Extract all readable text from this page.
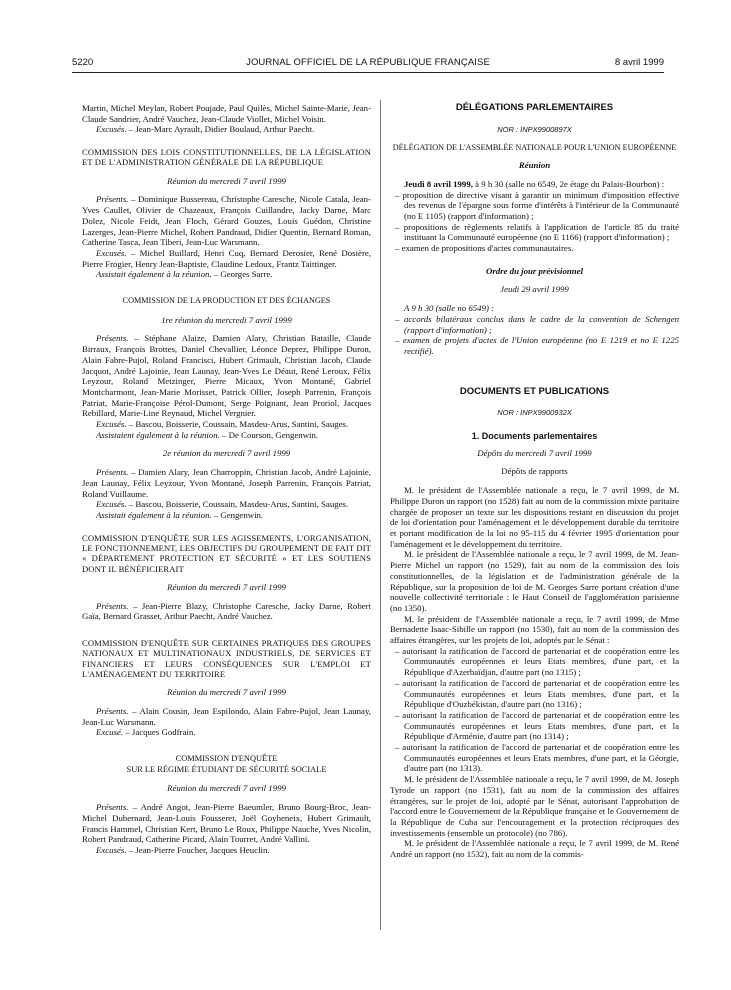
5220	JOURNAL OFFICIEL DE LA RÉPUBLIQUE FRANÇAISE	8 avril 1999

Martin, Michel Meylan, Robert Poujade, Paul Quilès, Michel Sainte-Marie, Jean-Claude Sandrier, André Vauchez, Jean-Claude Viollet, Michel Voisin.

Excusés. – Jean-Marc Ayrault, Didier Boulaud, Arthur Paecht.

COMMISSION DES LOIS CONSTITUTIONNELLES, DE LA LÉGISLATION ET DE L'ADMINISTRATION GÉNÉRALE DE LA RÉPUBLIQUE

Réunion du mercredi 7 avril 1999

Présents. – Dominique Bussereau, Christophe Caresche, Nicole Catala, Jean-Yves Caullet, Olivier de Chazeaux, François Cuillandre, Jacky Darne, Marc Dolez, Nicole Feidt, Jean Floch, Gérard Gouzes, Louis Guédon, Christine Lazerges, Jean-Pierre Michel, Robert Pandraud, Didier Quentin, Bernard Roman, Catherine Tasca, Jean Tiberi, Jean-Luc Warsmann.

Excusés. – Michel Buillard, Henri Cuq, Bernard Derosier, René Dosière, Pierre Frogier, Henry Jean-Baptiste, Claudine Ledoux, Frantz Taittinger.

Assistait également à la réunion. – Georges Sarre.

COMMISSION DE LA PRODUCTION ET DES ÉCHANGES

1re réunion du mercredi 7 avril 1999

Présents. – Stéphane Alaize, Damien Alary, Christian Bataille, Claude Birraux, François Brottes, Daniel Chevallier, Léonce Deprez, Philippe Duron, Alain Fabre-Pujol, Roland Francisci, Hubert Grimault, Christian Jacob, Claude Jacquot, André Lajoinie, Jean Launay, Jean-Yves Le Déaut, René Leroux, Félix Leyzour, Roland Metzinger, Pierre Micaux, Yvon Montané, Gabriel Montcharmont, Jean-Marie Morisset, Patrick Ollier, Joseph Parrenin, François Patriat, Marie-Françoise Pérol-Dumont, Serge Poignant, Jean Proriol, Jacques Rebillard, Marie-Line Reynaud, Michel Vergnier.

Excusés. – Bascou, Boisserie, Coussain, Masdeu-Arus, Santini, Sauges.

Assistaient également à la réunion. – De Courson, Gengenwin.

2e réunion du mercredi 7 avril 1999

Présents. – Damien Alary, Jean Charroppin, Christian Jacob, André Lajoinie, Jean Launay, Félix Leyzour, Yvon Montané, Joseph Parrenin, François Patriat, Roland Vuillaume.

Excusés. – Bascou, Boisserie, Coussain, Masdeu-Arus, Santini, Sauges.

Assistait également à la réunion. – Gengenwin.

COMMISSION D'ENQUÊTE SUR LES AGISSEMENTS, L'ORGANISATION, LE FONCTIONNEMENT, LES OBJECTIFS DU GROUPEMENT DE FAIT DIT « DÉPARTEMENT PROTECTION ET SÉCURITÉ » ET LES SOUTIENS DONT IL BÉNÉFICIERAIT

Réunion du mercredi 7 avril 1999

Présents. – Jean-Pierre Blazy, Christophe Caresche, Jacky Darne, Robert Gaïa, Bernard Grasset, Arthur Paecht, André Vauchez.

COMMISSION D'ENQUÊTE SUR CERTAINES PRATIQUES DES GROUPES NATIONAUX ET MULTINATIONAUX INDUSTRIELS, DE SERVICES ET FINANCIERS ET LEURS CONSÉQUENCES SUR L'EMPLOI ET L'AMÉNAGEMENT DU TERRITOIRE

Réunion du mercredi 7 avril 1999

Présents. – Alain Cousin, Jean Espilondo, Alain Fabre-Pujol, Jean Launay, Jean-Luc Warsmann.

Excusé. – Jacques Godfrain.

COMMISSION D'ENQUÊTE

SUR LE RÉGIME ÉTUDIANT DE SÉCURITÉ SOCIALE

Réunion du mercredi 7 avril 1999

Présents. – André Angot, Jean-Pierre Baeumler, Bruno Bourg-Broc, Jean-Michel Dubernard, Jean-Louis Fousseret, Joël Goyheneix, Hubert Grimault, Francis Hammel, Christian Kert, Bruno Le Roux, Philippe Nauche, Yves Nicolin, Robert Pandraud, Catherine Picard, Alain Tourret, André Vallini.

Excusés. – Jean-Pierre Foucher, Jacques Heuclin.

DÉLÉGATIONS PARLEMENTAIRES

NOR : INPX9900897X

DÉLÉGATION DE L'ASSEMBLÉE NATIONALE POUR L'UNION EUROPÉENNE

Réunion

Jeudi 8 avril 1999, à 9 h 30 (salle no 6549, 2e étage du Palais-Bourbon) :

– proposition de directive visant à garantir un minimum d'imposition effective des revenus de l'épargne sous forme d'intérêts à l'intérieur de la Communauté (no E 1105) (rapport d'information) ;

– propositions de règlements relatifs à l'application de l'article 85 du traité instituant la Communauté européenne (no E 1166) (rapport d'information) ;

– examen de propositions d'actes communautaires.

Ordre du jour prévisionnel

Jeudi 29 avril 1999

A 9 h 30 (salle no 6549) :

– accords bilatéraux conclus dans le cadre de la convention de Schengen (rapport d'information) ;

– examen de projets d'actes de l'Union européenne (no E 1219 et no E 1225 rectifié).

DOCUMENTS ET PUBLICATIONS

NOR : INPX9900932X

1. Documents parlementaires

Dépôts du mercredi 7 avril 1999

Dépôts de rapports

M. le président de l'Assemblée nationale a reçu, le 7 avril 1999, de M. Philippe Duron un rapport (no 1528) fait au nom de la commission mixte paritaire chargée de proposer un texte sur les dispositions restant en discussion du projet de loi d'orientation pour l'aménagement et le développement durable du territoire et portant modification de la loi no 95-115 du 4 février 1995 d'orientation pour l'aménagement et le développement du territoire.

M. le président de l'Assemblée nationale a reçu, le 7 avril 1999, de M. Jean-Pierre Michel un rapport (no 1529), fait au nom de la commission des lois constitutionnelles, de la législation et de l'administration générale de la République, sur la proposition de loi de M. Georges Sarre portant création d'une nouvelle collectivité territoriale : le Haut Conseil de l'agglomération parisienne (no 1350).

M. le président de l'Assemblée nationale a reçu, le 7 avril 1999, de Mme Bernadette Isaac-Sibille un rapport (no 1530), fait au nom de la commission des affaires étrangères, sur les projets de loi, adoptés par le Sénat :

– autorisant la ratification de l'accord de partenariat et de coopération entre les Communautés européennes et leurs Etats membres, d'une part, et la République d'Azerbaïdjan, d'autre part (no 1315) ;

– autorisant la ratification de l'accord de partenariat et de coopération entre les Communautés européennes et leurs Etats membres, d'une part, et la République d'Ouzbékistan, d'autre part (no 1316) ;

– autorisant la ratification de l'accord de partenariat et de coopération entre les Communautés européennes et leurs Etats membres, d'une part, et la République d'Arménie, d'autre part (no 1314) ;

– autorisant la ratification de l'accord de partenariat et de coopération entre les Communautés européennes et leurs Etats membres, d'une part, et la Géorgie, d'autre part (no 1313).

M. le président de l'Assemblée nationale a reçu, le 7 avril 1999, de M. Joseph Tyrode un rapport (no 1531), fait au nom de la commission des affaires étrangères, sur le projet de loi, adopté par le Sénat, autorisant l'approbation de l'accord entre le Gouvernement de la République française et le Gouvernement de la République de Cuba sur l'encouragement et la protection réciproques des investissements (ensemble un protocole) (no 786).

M. le président de l'Assemblée nationale a reçu, le 7 avril 1999, de M. René André un rapport (no 1532), fait au nom de la commis-
